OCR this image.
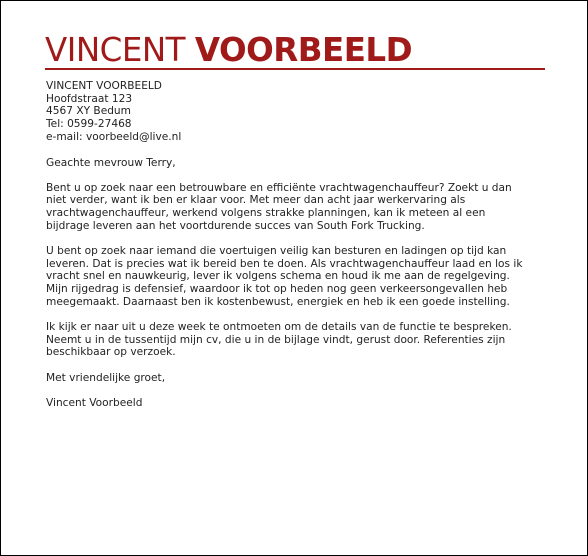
VINCENT VOORBEELD
VINCENT VOORBEELD
Hoofdstraat 123
4567 XY Bedum
Tel: 0599-27468
e-mail: voorbeeld@live.nl

Geachte mevrouw Terry,

Bent u op zoek naar een betrouwbare en efficiënte vrachtwagenchauffeur? Zoekt u dan niet verder, want ik ben er klaar voor. Met meer dan acht jaar werkervaring als vrachtwagenchauffeur, werkend volgens strakke planningen, kan ik meteen al een bijdrage leveren aan het voortdurende succes van South Fork Trucking.

U bent op zoek naar iemand die voertuigen veilig kan besturen en ladingen op tijd kan leveren. Dat is precies wat ik bereid ben te doen. Als vrachtwagenchauffeur laad en los ik vracht snel en nauwkeurig, lever ik volgens schema en houd ik me aan de regelgeving. Mijn rijgedrag is defensief, waardoor ik tot op heden nog geen verkeersongevallen heb meegemaakt. Daarnaast ben ik kostenbewust, energiek en heb ik een goede instelling.

Ik kijk er naar uit u deze week te ontmoeten om de details van de functie te bespreken. Neemt u in de tussentijd mijn cv, die u in de bijlage vindt, gerust door. Referenties zijn beschikbaar op verzoek.

Met vriendelijke groet,

Vincent Voorbeeld
